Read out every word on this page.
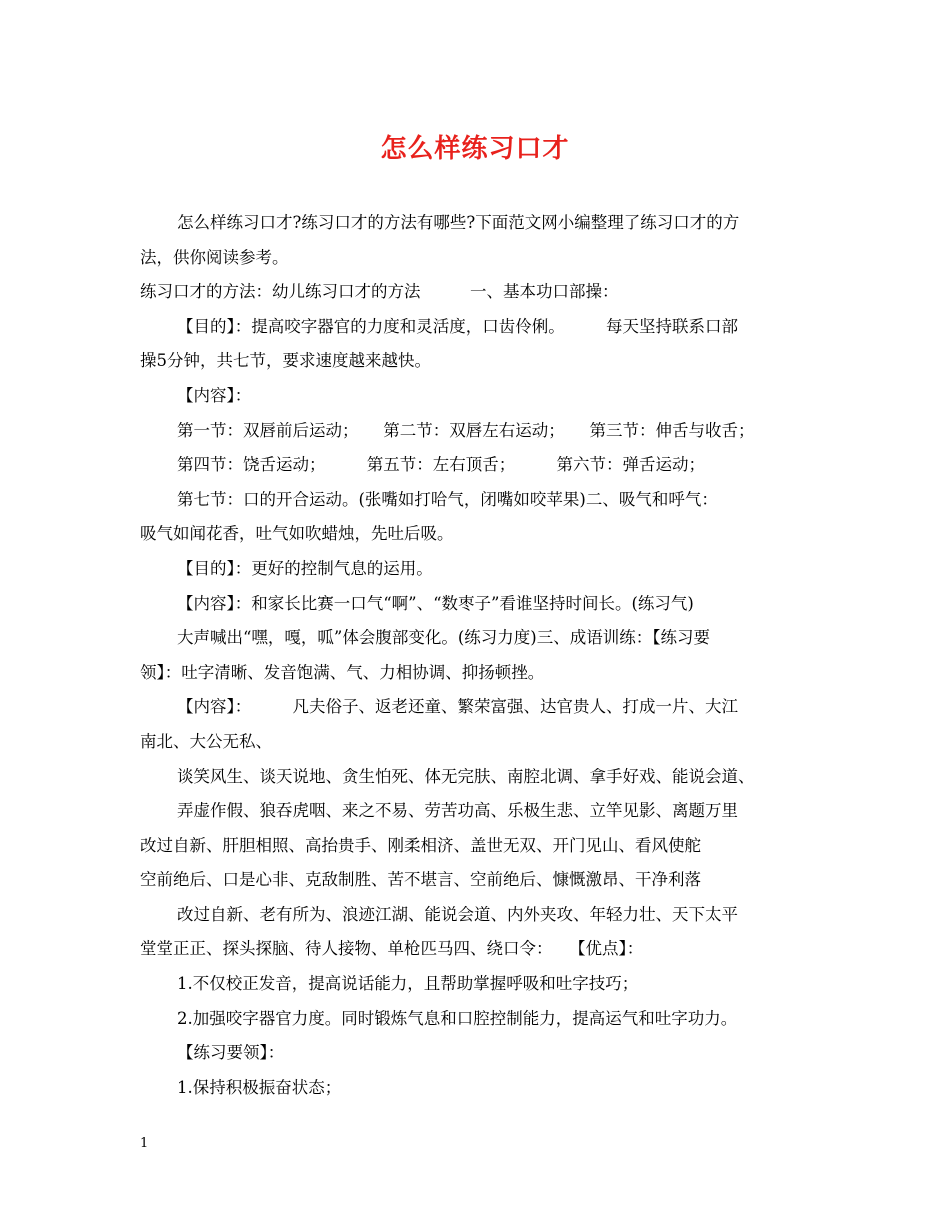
怎么样练习口才
怎么样练习口才?练习口才的方法有哪些?下面范文网小编整理了练习口才的方
法，供你阅读参考。
练习口才的方法：幼儿练习口才的方法　　　一、基本功口部操：
【目的】：提高咬字器官的力度和灵活度，口齿伶俐。　　　每天坚持联系口部
操5分钟，共七节，要求速度越来越快。
【内容】：
第一节：双唇前后运动；　　第二节：双唇左右运动；　　第三节：伸舌与收舌；
第四节：饶舌运动；　　　第五节：左右顶舌；　　　第六节：弹舌运动；
第七节：口的开合运动。(张嘴如打哈气，闭嘴如咬苹果)二、吸气和呼气：
吸气如闻花香，吐气如吹蜡烛，先吐后吸。
【目的】：更好的控制气息的运用。
【内容】：和家长比赛一口气“啊”、“数枣子”看谁坚持时间长。(练习气)
大声喊出“嘿，嘎，呱”体会腹部变化。(练习力度)三、成语训练：【练习要
领】：吐字清晰、发音饱满、气、力相协调、抑扬顿挫。
【内容】：　　　凡夫俗子、返老还童、繁荣富强、达官贵人、打成一片、大江
南北、大公无私、
谈笑风生、谈天说地、贪生怕死、体无完肤、南腔北调、拿手好戏、能说会道、
弄虚作假、狼吞虎咽、来之不易、劳苦功高、乐极生悲、立竿见影、离题万里
改过自新、肝胆相照、高抬贵手、刚柔相济、盖世无双、开门见山、看风使舵
空前绝后、口是心非、克敌制胜、苦不堪言、空前绝后、慷慨激昂、干净利落
改过自新、老有所为、浪迹江湖、能说会道、内外夹攻、年轻力壮、天下太平
堂堂正正、探头探脑、待人接物、单枪匹马四、绕口令：　　【优点】：
1.不仅校正发音，提高说话能力，且帮助掌握呼吸和吐字技巧；
2.加强咬字器官力度。同时锻炼气息和口腔控制能力，提高运气和吐字功力。
【练习要领】：
1.保持积极振奋状态；
1
